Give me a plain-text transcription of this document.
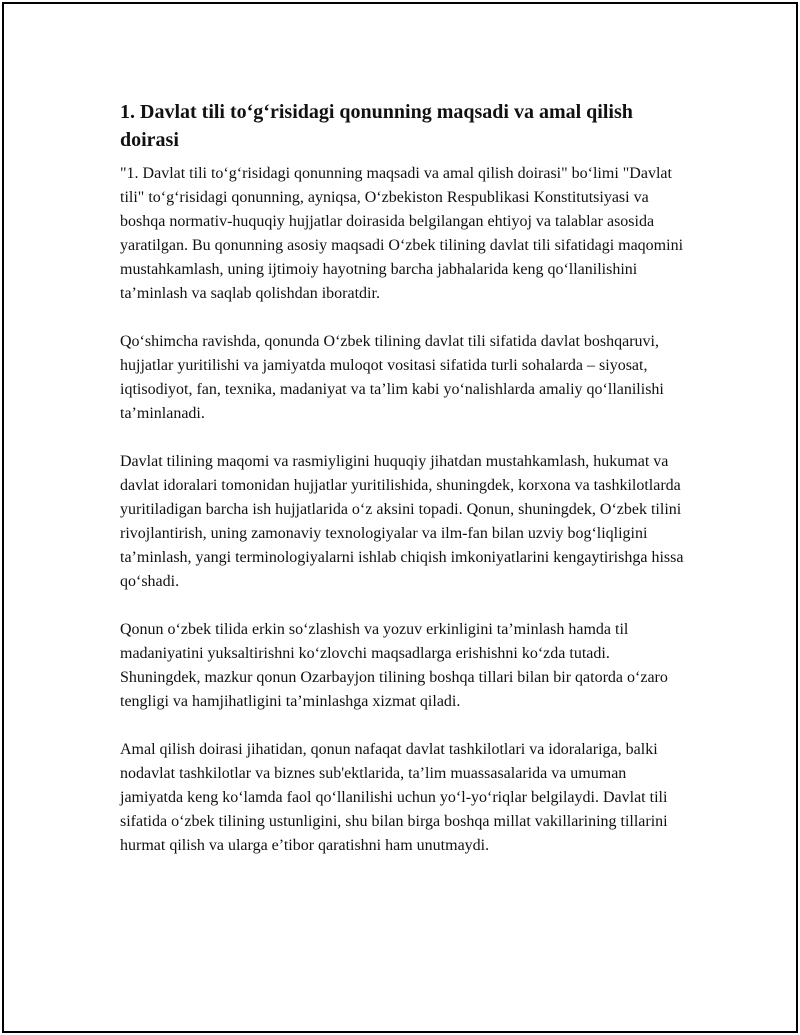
1. Davlat tili to‘g‘risidagi qonunning maqsadi va amal qilish doirasi

"1. Davlat tili to‘g‘risidagi qonunning maqsadi va amal qilish doirasi" bo‘limi "Davlat tili" to‘g‘risidagi qonunning, ayniqsa, O‘zbekiston Respublikasi Konstitutsiyasi va boshqa normativ-huquqiy hujjatlar doirasida belgilangan ehtiyoj va talablar asosida yaratilgan. Bu qonunning asosiy maqsadi O‘zbek tilining davlat tili sifatidagi maqomini mustahkamlash, uning ijtimoiy hayotning barcha jabhalarida keng qo‘llanilishini ta’minlash va saqlab qolishdan iboratdir.

Qo‘shimcha ravishda, qonunda O‘zbek tilining davlat tili sifatida davlat boshqaruvi, hujjatlar yuritilishi va jamiyatda muloqot vositasi sifatida turli sohalarda – siyosat, iqtisodiyot, fan, texnika, madaniyat va ta’lim kabi yo‘nalishlarda amaliy qo‘llanilishi ta’minlanadi.

Davlat tilining maqomi va rasmiyligini huquqiy jihatdan mustahkamlash, hukumat va davlat idoralari tomonidan hujjatlar yuritilishida, shuningdek, korxona va tashkilotlarda yuritiladigan barcha ish hujjatlarida o‘z aksini topadi. Qonun, shuningdek, O‘zbek tilini rivojlantirish, uning zamonaviy texnologiyalar va ilm-fan bilan uzviy bog‘liqligini ta’minlash, yangi terminologiyalarni ishlab chiqish imkoniyatlarini kengaytirishga hissa qo‘shadi.

Qonun o‘zbek tilida erkin so‘zlashish va yozuv erkinligini ta’minlash hamda til madaniyatini yuksaltirishni ko‘zlovchi maqsadlarga erishishni ko‘zda tutadi. Shuningdek, mazkur qonun Ozarbayjon tilining boshqa tillari bilan bir qatorda o‘zaro tengligi va hamjihatligini ta’minlashga xizmat qiladi.

Amal qilish doirasi jihatidan, qonun nafaqat davlat tashkilotlari va idoralariga, balki nodavlat tashkilotlar va biznes sub'ektlarida, ta’lim muassasalarida va umuman jamiyatda keng ko‘lamda faol qo‘llanilishi uchun yo‘l-yo‘riqlar belgilaydi. Davlat tili sifatida o‘zbek tilining ustunligini, shu bilan birga boshqa millat vakillarining tillarini hurmat qilish va ularga e’tibor qaratishni ham unutmaydi.
